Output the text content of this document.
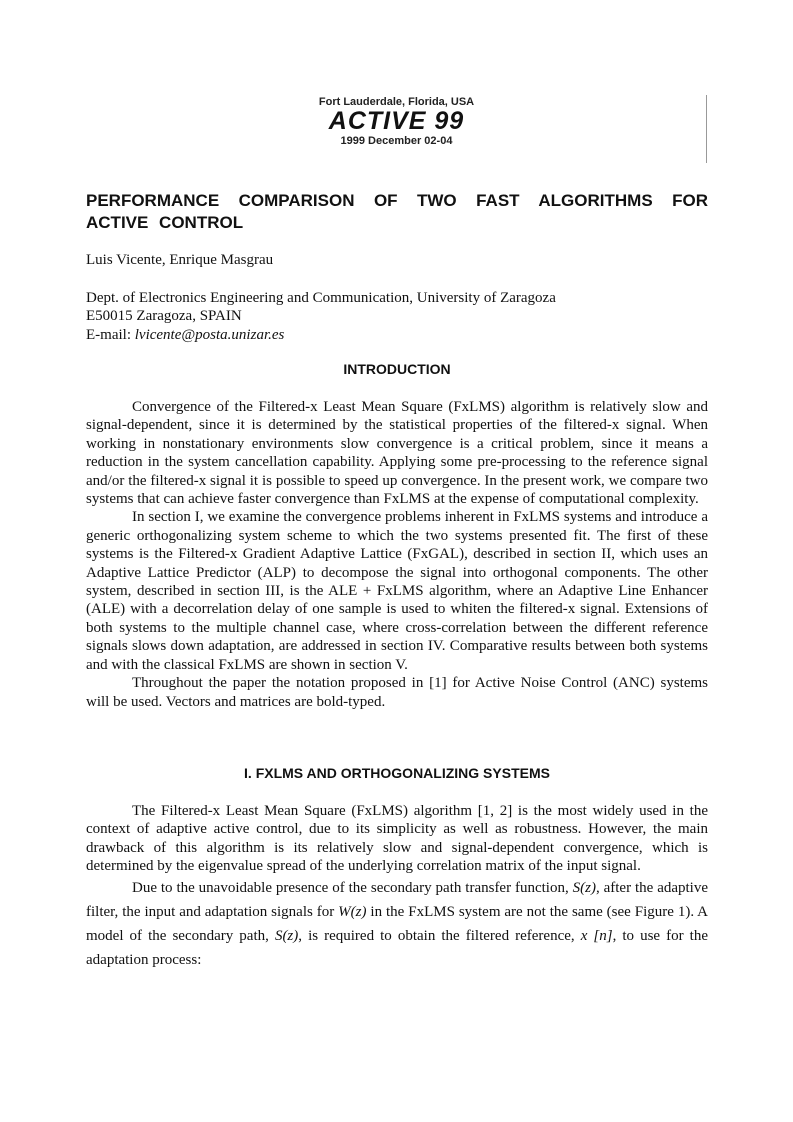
Fort Lauderdale, Florida, USA
ACTIVE 99
1999 December 02-04
PERFORMANCE COMPARISON OF TWO FAST ALGORITHMS FOR ACTIVE CONTROL
Luis Vicente, Enrique Masgrau
Dept. of Electronics Engineering and Communication, University of Zaragoza
E50015 Zaragoza, SPAIN
E-mail: lvicente@posta.unizar.es
INTRODUCTION

Convergence of the Filtered-x Least Mean Square (FxLMS) algorithm is relatively slow and signal-dependent, since it is determined by the statistical properties of the filtered-x signal. When working in nonstationary environments slow convergence is a critical problem, since it means a reduction in the system cancellation capability. Applying some pre-processing to the reference signal and/or the filtered-x signal it is possible to speed up convergence. In the present work, we compare two systems that can achieve faster convergence than FxLMS at the expense of computational complexity.

In section I, we examine the convergence problems inherent in FxLMS systems and introduce a generic orthogonalizing system scheme to which the two systems presented fit. The first of these systems is the Filtered-x Gradient Adaptive Lattice (FxGAL), described in section II, which uses an Adaptive Lattice Predictor (ALP) to decompose the signal into orthogonal components. The other system, described in section III, is the ALE + FxLMS algorithm, where an Adaptive Line Enhancer (ALE) with a decorrelation delay of one sample is used to whiten the filtered-x signal. Extensions of both systems to the multiple channel case, where cross-correlation between the different reference signals slows down adaptation, are addressed in section IV. Comparative results between both systems and with the classical FxLMS are shown in section V.

Throughout the paper the notation proposed in [1] for Active Noise Control (ANC) systems will be used. Vectors and matrices are bold-typed.

I. FXLMS AND ORTHOGONALIZING SYSTEMS

The Filtered-x Least Mean Square (FxLMS) algorithm [1, 2] is the most widely used in the context of adaptive active control, due to its simplicity as well as robustness. However, the main drawback of this algorithm is its relatively slow and signal-dependent convergence, which is determined by the eigenvalue spread of the underlying correlation matrix of the input signal.

Due to the unavoidable presence of the secondary path transfer function, S(z), after the adaptive filter, the input and adaptation signals for W(z) in the FxLMS system are not the same (see Figure 1). A model of the secondary path, S(z), is required to obtain the filtered reference, x [n], to use for the adaptation process:
